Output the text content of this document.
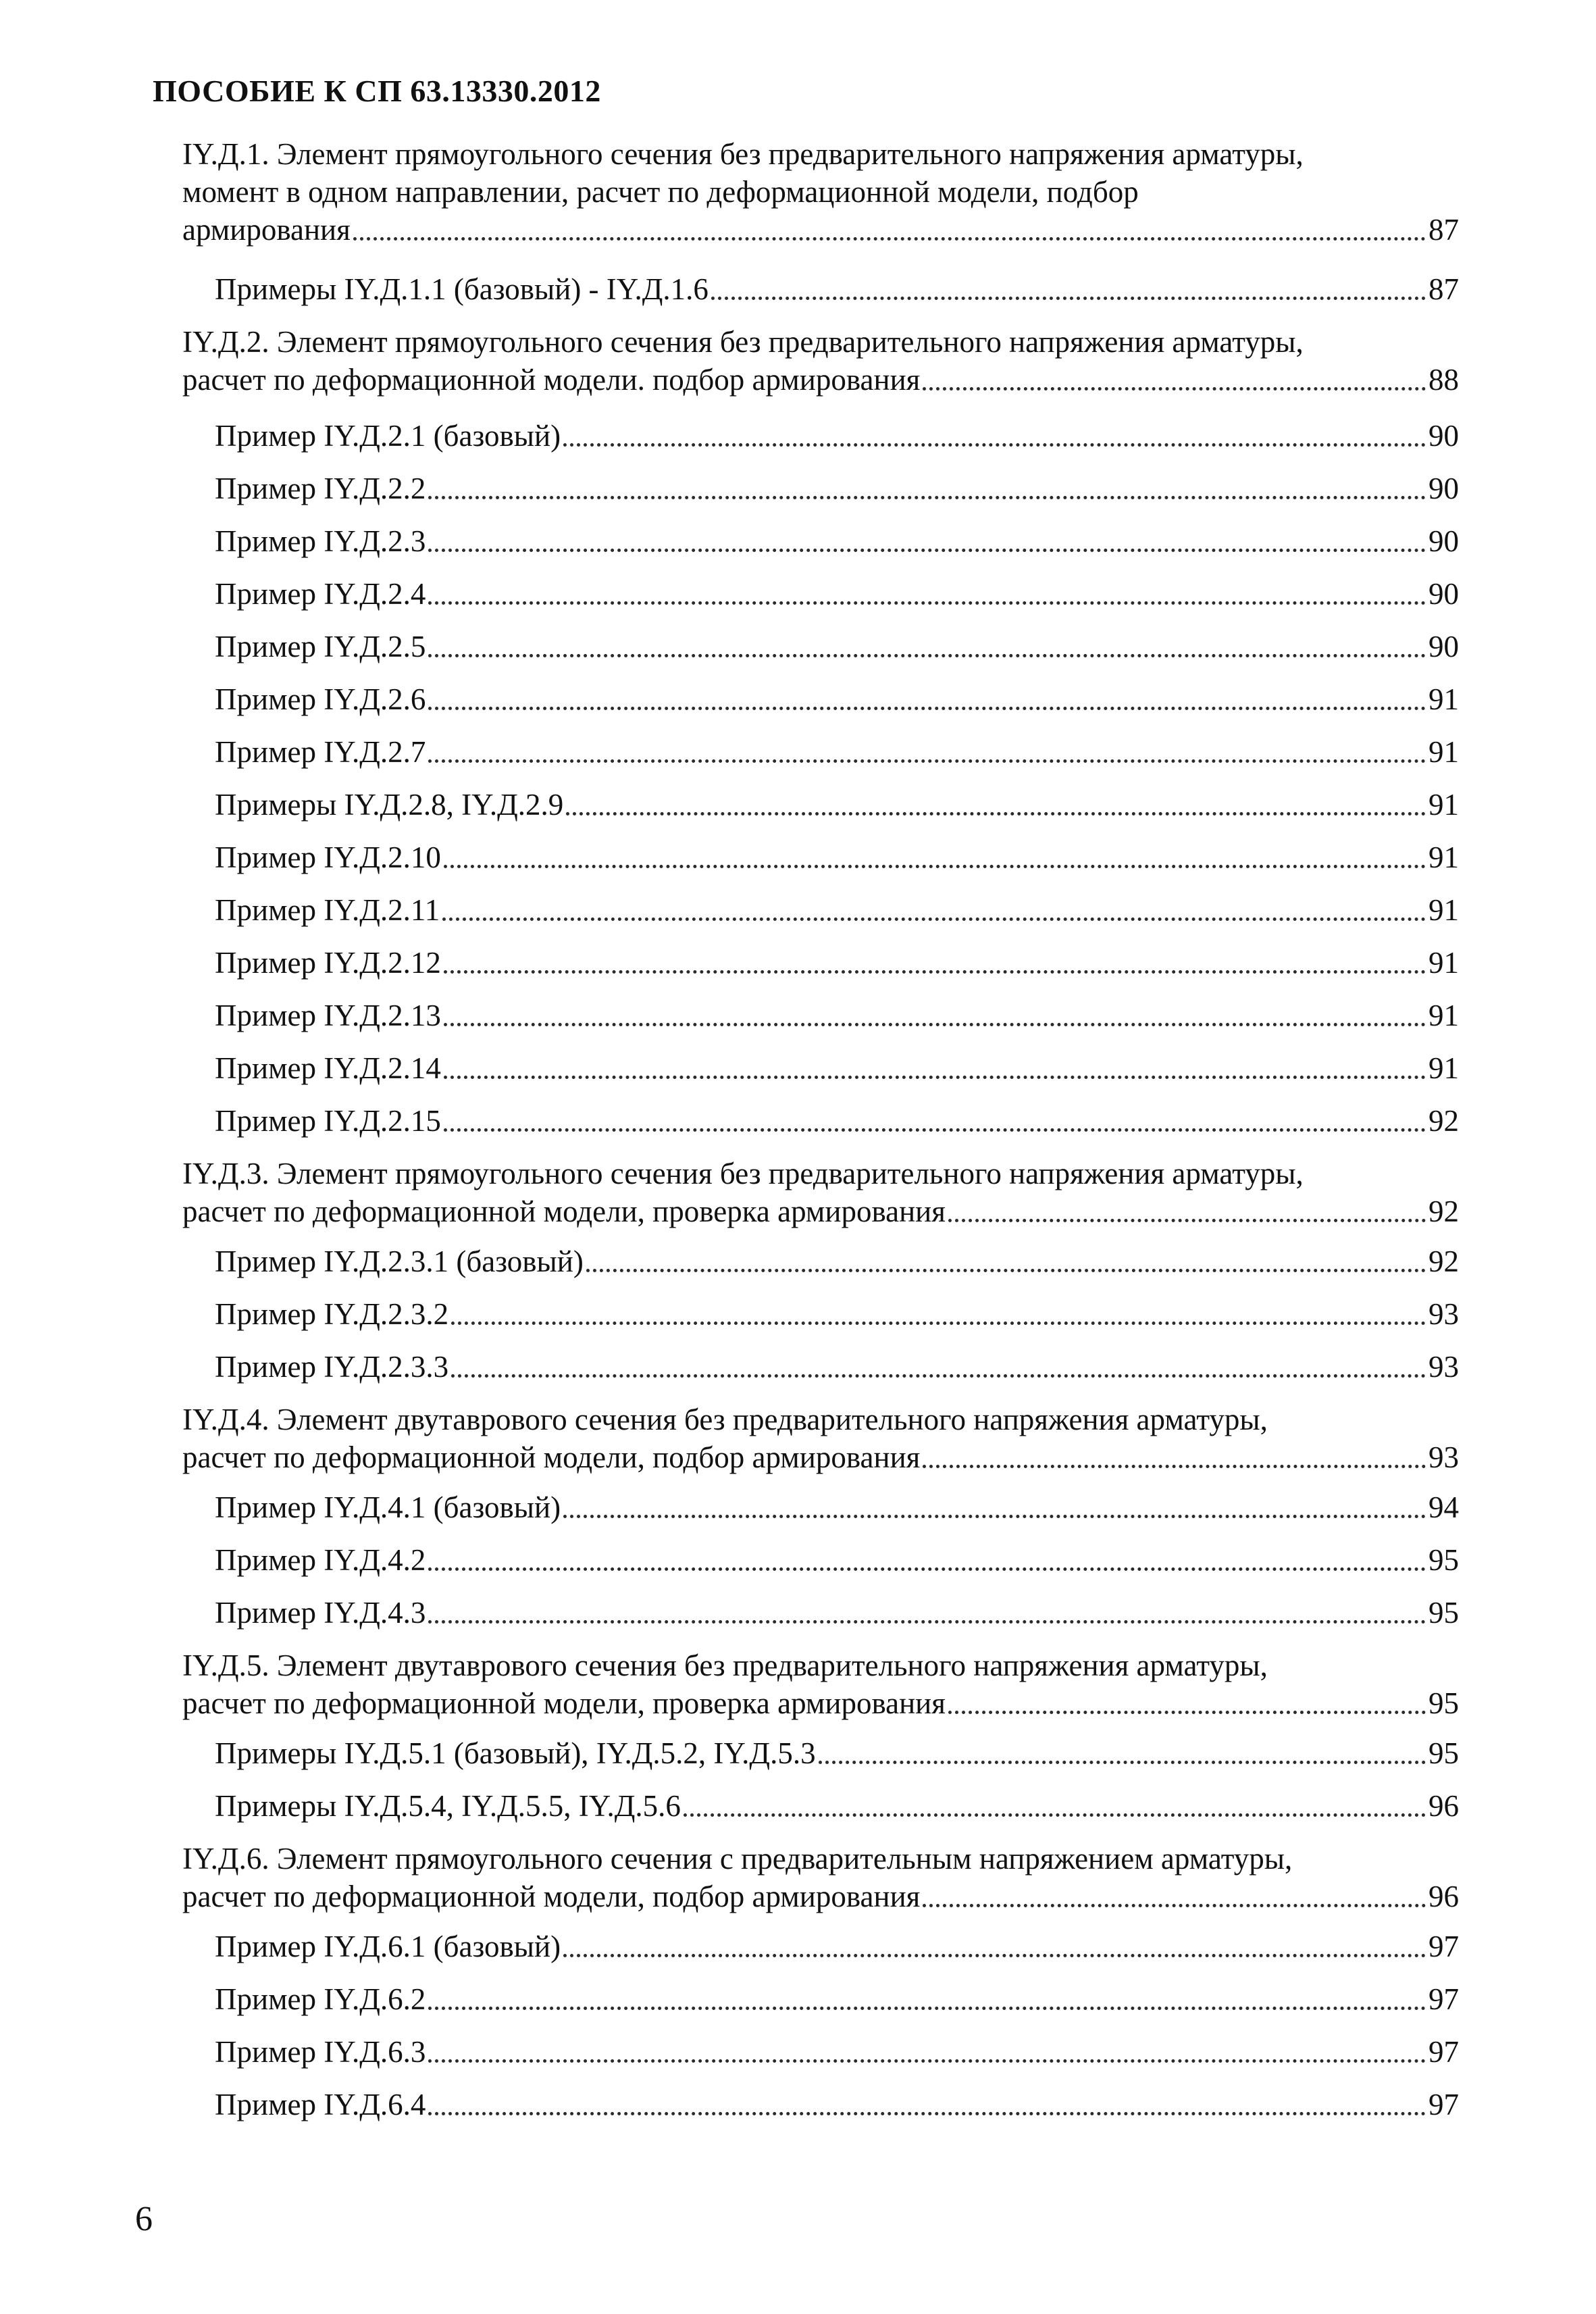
ПОСОБИЕ К СП 63.13330.2012
IY.Д.1. Элемент прямоугольного сечения без предварительного напряжения арматуры,
момент в одном направлении, расчет по деформационной модели, подбор
армирования	87
Примеры IY.Д.1.1 (базовый) - IY.Д.1.6	87
IY.Д.2. Элемент прямоугольного сечения без предварительного напряжения арматуры,
расчет по деформационной модели. подбор армирования	88
Пример IY.Д.2.1 (базовый)	90
Пример IY.Д.2.2	90
Пример IY.Д.2.3	90
Пример IY.Д.2.4	90
Пример IY.Д.2.5	90
Пример IY.Д.2.6	91
Пример IY.Д.2.7	91
Примеры IY.Д.2.8, IY.Д.2.9	91
Пример IY.Д.2.10	91
Пример IY.Д.2.11	91
Пример IY.Д.2.12	91
Пример IY.Д.2.13	91
Пример IY.Д.2.14	91
Пример IY.Д.2.15	92
IY.Д.3. Элемент прямоугольного сечения без предварительного напряжения арматуры,
расчет по деформационной модели, проверка армирования	92
Пример IY.Д.2.3.1 (базовый)	92
Пример IY.Д.2.3.2	93
Пример IY.Д.2.3.3	93
IY.Д.4. Элемент двутаврового сечения без предварительного напряжения арматуры,
расчет по деформационной модели, подбор армирования	93
Пример IY.Д.4.1 (базовый)	94
Пример IY.Д.4.2	95
Пример IY.Д.4.3	95
IY.Д.5. Элемент двутаврового сечения без предварительного напряжения арматуры,
расчет по деформационной модели, проверка армирования	95
Примеры IY.Д.5.1 (базовый), IY.Д.5.2, IY.Д.5.3	95
Примеры IY.Д.5.4, IY.Д.5.5, IY.Д.5.6	96
IY.Д.6. Элемент прямоугольного сечения с предварительным напряжением арматуры,
расчет по деформационной модели, подбор армирования	96
Пример IY.Д.6.1 (базовый)	97
Пример IY.Д.6.2	97
Пример IY.Д.6.3	97
Пример IY.Д.6.4	97
6
